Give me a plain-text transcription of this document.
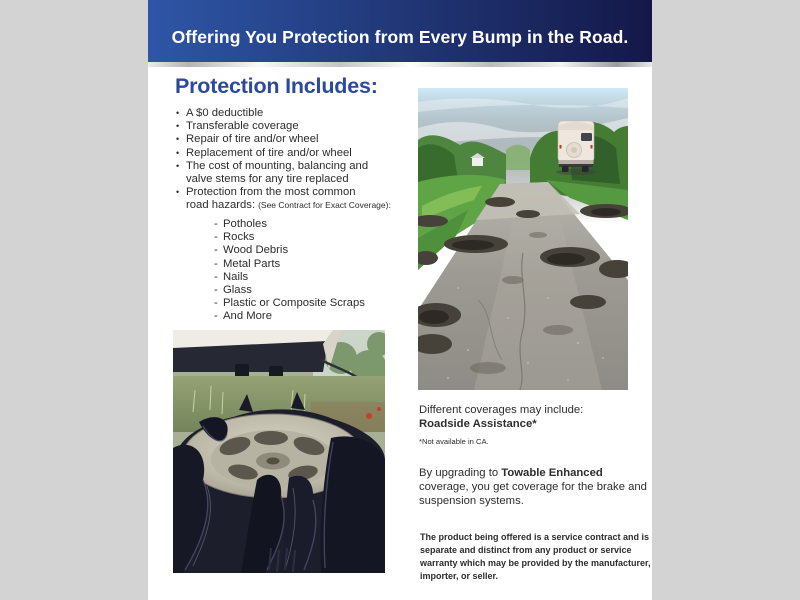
Offering You Protection from Every Bump in the Road.
Protection Includes:
• A $0 deductible
• Transferable coverage
• Repair of tire and/or wheel
• Replacement of tire and/or wheel
• The cost of mounting, balancing and
valve stems for any tire replaced
• Protection from the most common
road hazards: (See Contract for Exact Coverage):
- Potholes
- Rocks
- Wood Debris
- Metal Parts
- Nails
- Glass
- Plastic or Composite Scraps
- And More
Different coverages may include:
Roadside Assistance*
*Not available in CA.
By upgrading to Towable Enhanced coverage, you get coverage for the brake and suspension systems.
The product being offered is a service contract and is separate and distinct from any product or service warranty which may be provided by the manufacturer, importer, or seller.
